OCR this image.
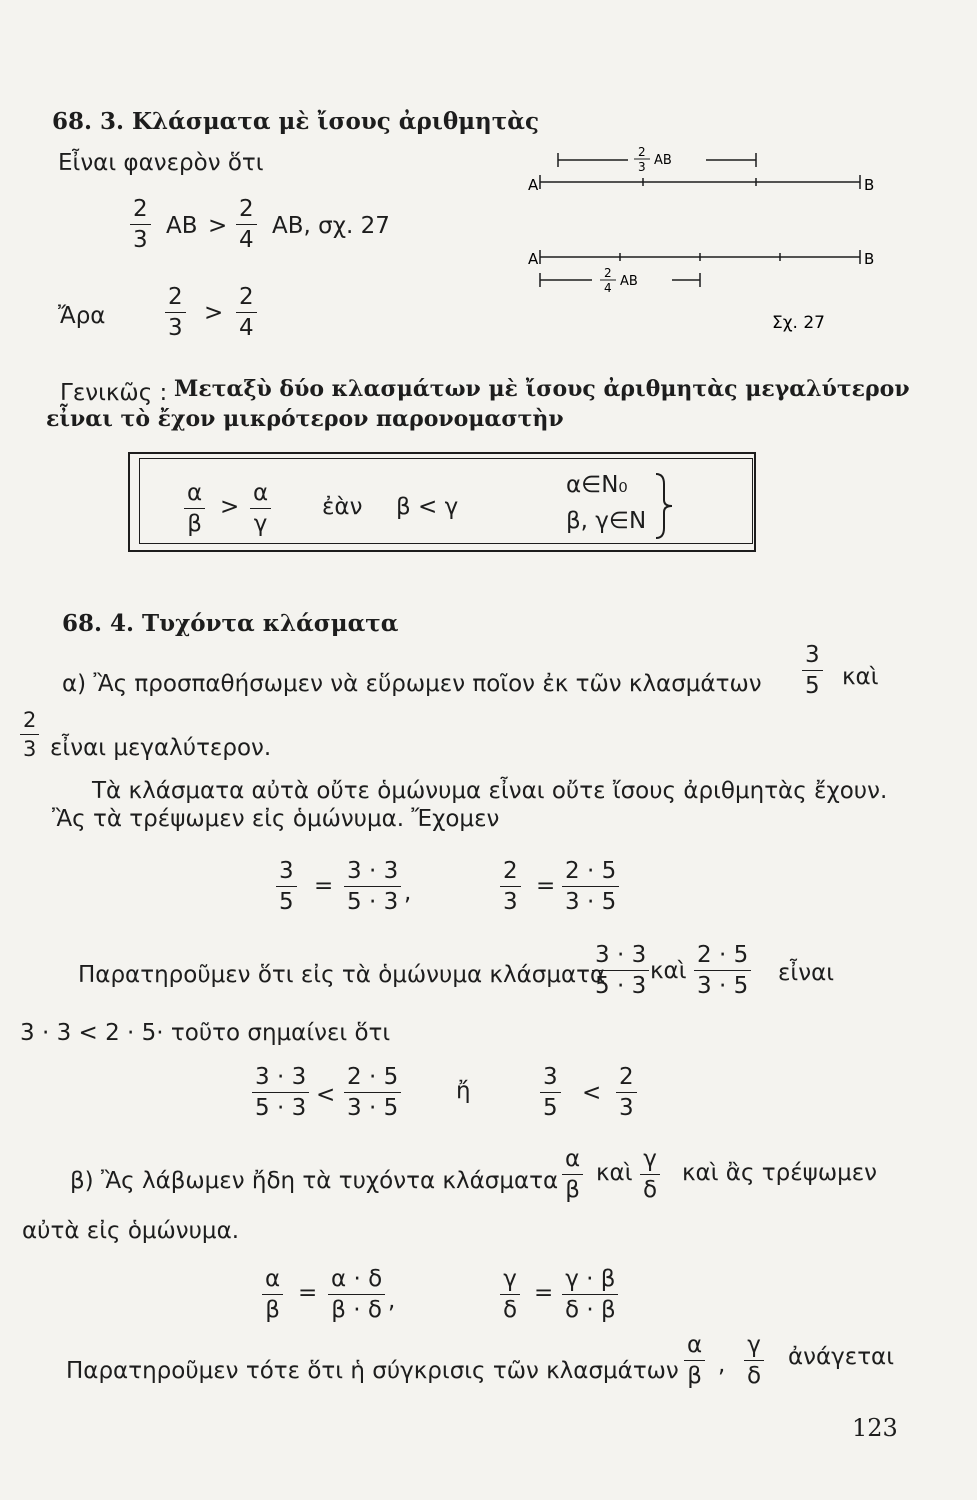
68. 3. Κλάσματα μὲ ἴσους ἀριθμητὰς
Εἶναι φανερὸν ὅτι
$\frac{2}{3}$ $AB > \frac{2}{4} AB$, σχ. 27
Ἄρα	$\frac{2}{3} > \frac{2}{4}$
Α	Β
2
3 ΑΒ
Α	Β
2
4 ΑΒ
Σχ. 27
Γενικῶς : Μεταξὺ δύο κλασμάτων μὲ ἴσους ἀριθμητὰς μεγαλύτερον
εἶναι τὸ ἔχον μικρότερον παρονομαστὴν
$\frac{\alpha}{\beta} > \frac{\alpha}{\gamma}$ ἐὰν β < γ
α∈N₀
β, γ∈N
68. 4. Τυχόντα κλάσματα
α) Ἂς προσπαθήσωμεν νὰ εὕρωμεν ποῖον ἐκ τῶν κλασμάτων $\frac{3}{5}$ καὶ
$\frac{2}{3}$ εἶναι μεγαλύτερον.
Τὰ κλάσματα αὐτὰ οὔτε ὁμώνυμα εἶναι οὔτε ἴσους ἀριθμητὰς ἔχουν.
Ἂς τὰ τρέψωμεν εἰς ὁμώνυμα. Ἔχομεν
$\frac{3}{5} = \frac{3 \cdot 3}{5 \cdot 3}$ ,	$\frac{2}{3} = \frac{2 \cdot 5}{3 \cdot 5}$
Παρατηροῦμεν ὅτι εἰς τὰ ὁμώνυμα κλάσματα
$\frac{3 \cdot 3}{5 \cdot 3}$ καὶ $\frac{2 \cdot 5}{3 \cdot 5}$ εἶναι
3 · 3 < 2 · 5· τοῦτο σημαίνει ὅτι
$\frac{3 \cdot 3}{5 \cdot 3} < \frac{2 \cdot 5}{3 \cdot 5}$ ἤ	$\frac{3}{5} < \frac{2}{3}$
β) Ἂς λάβωμεν ἤδη τὰ τυχόντα κλάσματα $\frac{\alpha}{\beta}$ καὶ $\frac{\gamma}{\delta}$ καὶ ἂς τρέψωμεν
αὐτὰ εἰς ὁμώνυμα.
$\frac{\alpha}{\beta} = \frac{\alpha \cdot \delta}{\beta \cdot \delta}$ ,	$\frac{\gamma}{\delta} = \frac{\gamma \cdot \beta}{\delta \cdot \beta}$
Παρατηροῦμεν τότε ὅτι ἡ σύγκρισις τῶν κλασμάτων $\frac{\alpha}{\beta}$ , $\frac{\gamma}{\delta}$ ἀνάγεται
123
